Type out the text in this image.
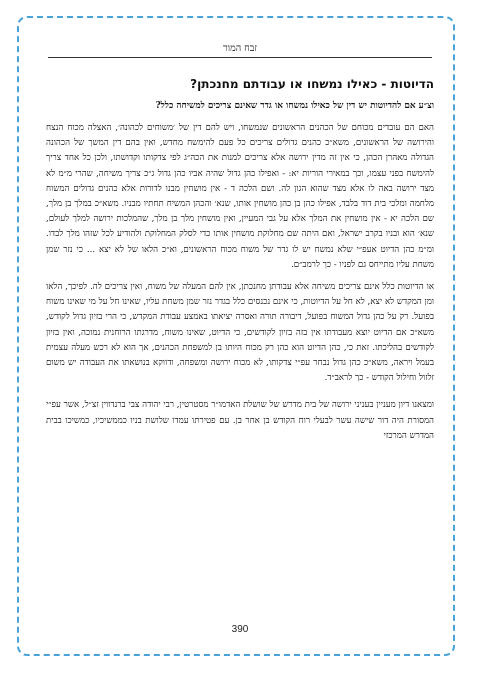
זבח המור
הדיוטות - כאילו נמשחו או עבודתם מחנכתן?

וצ״ע אם להדיוטות יש דין של כאילו נמשחו או גדר שאינם צריכים למשיחה כלל?

האם הם עובדים מכוחם של הכהנים הראשונים שנמשחו, ויש להם דין של ׳משוחים לכהונה׳, האצלה מכוח הנצח והירושה של הראשונים, משא״כ כהנים גדולים צריכים כל פעם להימשח מחדש, ואין בהם דין המשך של הכהונה הגדולה מאהרן הכהן, כי אין זה מדין ירושה אלא צריכים למנות את הכה״ג לפי צדקותו וקדושתו, ולכן כל אחד צריך להימשח בפני עצמו, וכך במאירי הוריות יא: - ואפילו כהן גדול שהיה אביו כהן גדול ג״כ צריך משיחה, שהרי מ״מ לא מצד ירושה באה לו אלא מצד שהוא הגון לה. ושם הלכה ד - אין מושחין מבנו לדורות אלא כהנים גדולים המשוח מלחמה ומלכי בית דוד בלבד, אפילו כהן בן כהן מושחין אותו, שנא׳ והכהן המשיח תחתיו מבניו. משא״כ במלך בן מלך, שם הלכה יא - אין מושחין את המלך אלא על גבי המעיין, ואין מושחין מלך בן מלך, שהמלכות ירושה למלך לעולם, שנא׳ הוא ובניו בקרב ישראל, ואם היתה שם מחלוקת מושחין אותו כדי לסלק המחלוקת ולהודיע לכל שזהו מלך לבדו. ומ״מ כהן הדיוט אעפ״י שלא נמשח יש לו גדר של משוח מכוח הראשונים, וא״כ הלאו של לא יצא ... כי נזר שמן משחת עליו מתייחס גם לפניו - כך לרמב״ם.

או הדיוטות כלל אינם צריכים משיחה אלא עבודתן מחנכתן, אין להם המעלה של משוח, ואין צריכים לה. לפיכך, הלאו ומן המקדש לא יצא, לא חל על הדיוטות, כי אינם נכנסים כלל בגדר נזר שמן משחת עליו, שאינו חל על מי שאינו משוח בפועל. רק על כהן גדול המשוח בפועל, דיבורה תורה ואסרה יציאתו באמצע עבודת המקדש, כי הרי בזיון גדול לקודש, משא״כ אם הדיוט יוצא מעבודתו אין בזה בזיון לקודשים, כי הדיוט, שאינו משוח, מדרגתו הרוחנית נמוכה, ואין בזיון לקודשים בהליכתו. זאת כי, כהן הדיוט הוא כהן רק מכוח היותו בן למשפחת הכהנים, אך הוא לא רכש מעלה עצמית בעמל ויראה, משא״כ כהן גדול נבחר עפ״י צדקותו, לא מכוח ירושה ומשפחה, ודווקא בנושאתו את העבודה יש משום זלזול וחילול הקודש - כך לראב״ד.

ומצאנו דיון מעניין בעניני ירושה של בית מדרש של שושלת האדמו״ר מסטרטין, רבי יהודה צבי ברנדווין זצ״ל, אשר עפ״י המסורת היה דור שישה עשר לבעלי רוח הקודש בן אחר בן. עם פטירתו עמדו שלושת בניו כממשיכיו, כמשיכו בבית המדרש המרכזי

390
